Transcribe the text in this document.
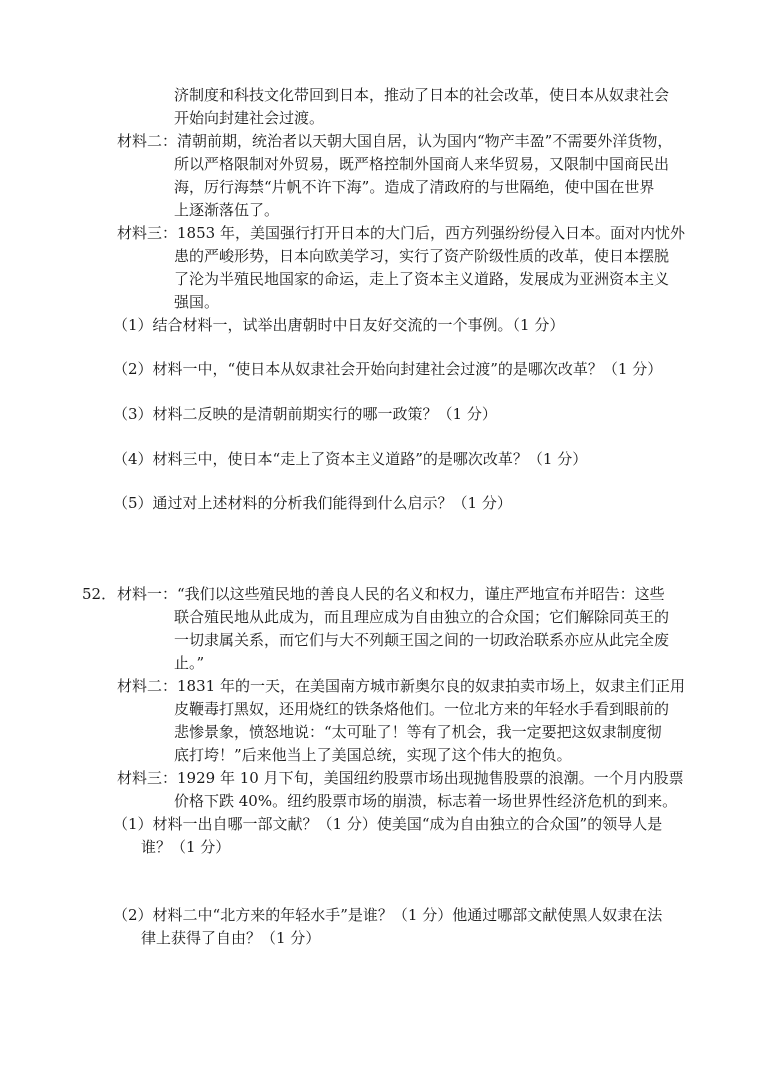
济制度和科技文化带回到日本，推动了日本的社会改革，使日本从奴隶社会
开始向封建社会过渡。
材料二：清朝前期，统治者以天朝大国自居，认为国内“物产丰盈”不需要外洋货物，
所以严格限制对外贸易，既严格控制外国商人来华贸易，又限制中国商民出
海，厉行海禁“片帆不许下海”。造成了清政府的与世隔绝，使中国在世界
上逐渐落伍了。
材料三：1853 年，美国强行打开日本的大门后，西方列强纷纷侵入日本。面对内忧外
患的严峻形势，日本向欧美学习，实行了资产阶级性质的改革，使日本摆脱
了沦为半殖民地国家的命运，走上了资本主义道路，发展成为亚洲资本主义
强国。
（1）结合材料一，试举出唐朝时中日友好交流的一个事例。（1 分）
（2）材料一中，“使日本从奴隶社会开始向封建社会过渡”的是哪次改革？（1 分）
（3）材料二反映的是清朝前期实行的哪一政策？（1 分）
（4）材料三中，使日本“走上了资本主义道路”的是哪次改革？（1 分）
（5）通过对上述材料的分析我们能得到什么启示？（1 分）
52． 材料一：“我们以这些殖民地的善良人民的名义和权力，谨庄严地宣布并昭告：这些
联合殖民地从此成为，而且理应成为自由独立的合众国；它们解除同英王的
一切隶属关系，而它们与大不列颠王国之间的一切政治联系亦应从此完全废
止。”
材料二：1831 年的一天，在美国南方城市新奥尔良的奴隶拍卖市场上，奴隶主们正用
皮鞭毒打黑奴，还用烧红的铁条烙他们。一位北方来的年轻水手看到眼前的
悲惨景象，愤怒地说：“太可耻了！等有了机会，我一定要把这奴隶制度彻
底打垮！”后来他当上了美国总统，实现了这个伟大的抱负。
材料三：1929 年 10 月下旬，美国纽约股票市场出现抛售股票的浪潮。一个月内股票
价格下跌 40%。纽约股票市场的崩溃，标志着一场世界性经济危机的到来。
（1）材料一出自哪一部文献？（1 分）使美国“成为自由独立的合众国”的领导人是
谁？（1 分）
（2）材料二中“北方来的年轻水手”是谁？（1 分）他通过哪部文献使黑人奴隶在法
律上获得了自由？（1 分）
